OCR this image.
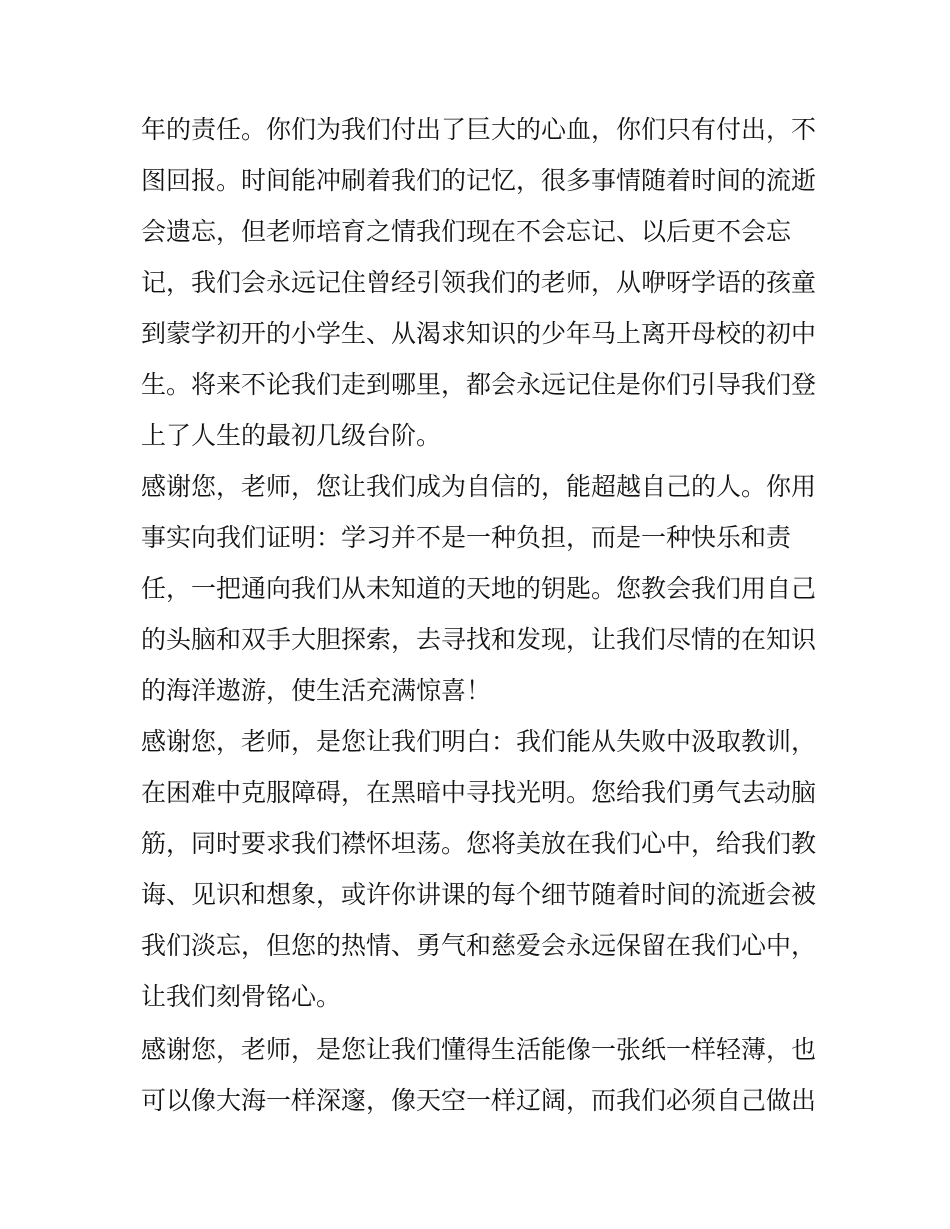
年的责任。你们为我们付出了巨大的心血，你们只有付出，不
图回报。时间能冲刷着我们的记忆，很多事情随着时间的流逝
会遗忘，但老师培育之情我们现在不会忘记、以后更不会忘
记，我们会永远记住曾经引领我们的老师，从咿呀学语的孩童
到蒙学初开的小学生、从渴求知识的少年马上离开母校的初中
生。将来不论我们走到哪里，都会永远记住是你们引导我们登
上了人生的最初几级台阶。
感谢您，老师，您让我们成为自信的，能超越自己的人。你用
事实向我们证明：学习并不是一种负担，而是一种快乐和责
任，一把通向我们从未知道的天地的钥匙。您教会我们用自己
的头脑和双手大胆探索，去寻找和发现，让我们尽情的在知识
的海洋遨游，使生活充满惊喜！
感谢您，老师，是您让我们明白：我们能从失败中汲取教训，
在困难中克服障碍，在黑暗中寻找光明。您给我们勇气去动脑
筋，同时要求我们襟怀坦荡。您将美放在我们心中，给我们教
诲、见识和想象，或许你讲课的每个细节随着时间的流逝会被
我们淡忘，但您的热情、勇气和慈爱会永远保留在我们心中，
让我们刻骨铭心。
感谢您，老师，是您让我们懂得生活能像一张纸一样轻薄，也
可以像大海一样深邃，像天空一样辽阔，而我们必须自己做出
